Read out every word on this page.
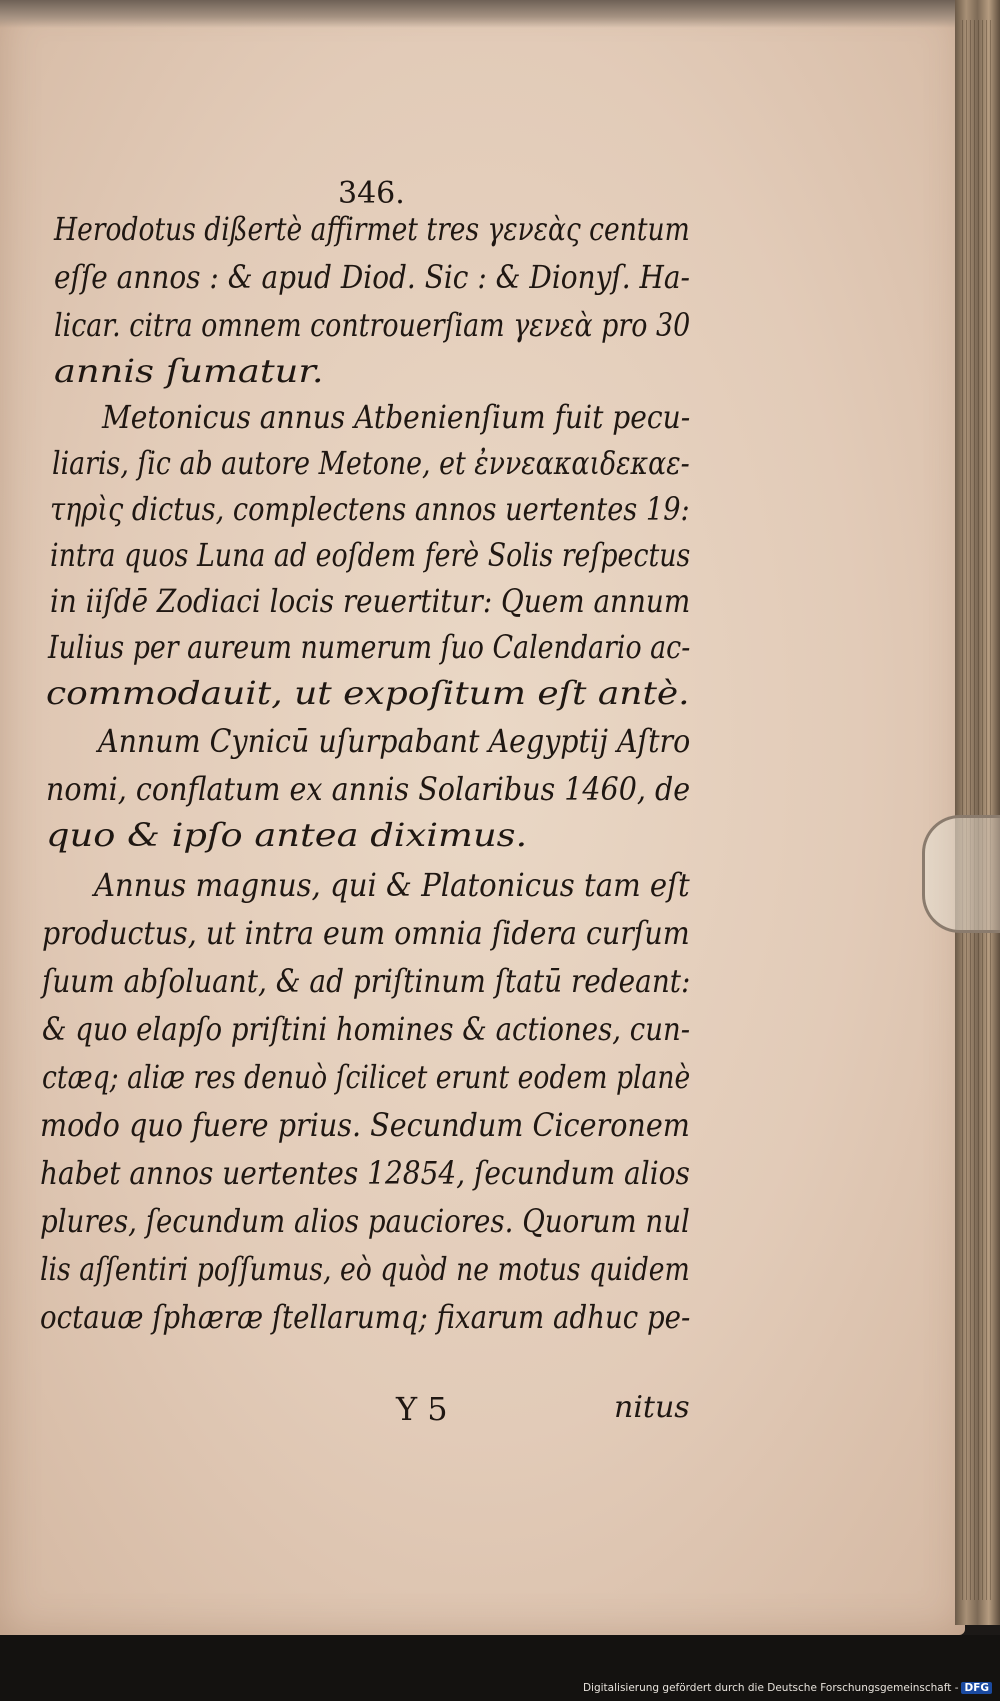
346.
Herodotus dißertè affirmet tres γενεὰς centum
eſſe annos : & apud Diod. Sic : & Dionyſ. Ha-
licar. citra omnem controuerſiam γενεὰ pro 30
annis ſumatur.
Metonicus annus Atbenienſium fuit pecu-
liaris, ſic ab autore Metone, et ἐννεακαιδεκαε-
τηρὶς dictus, complectens annos uertentes 19:
intra quos Luna ad eoſdem ferè Solis reſpectus
in iiſdē Zodiaci locis reuertitur: Quem annum
Iulius per aureum numerum ſuo Calendario ac-
commodauit, ut expoſitum eſt antè.
Annum Cynicū uſurpabant Aegyptij Aſtro
nomi, conflatum ex annis Solaribus 1460, de
quo & ipſo antea diximus.
Annus magnus, qui & Platonicus tam eſt
productus, ut intra eum omnia ſidera curſum
ſuum abſoluant, & ad priſtinum ſtatū redeant:
& quo elapſo priſtini homines & actiones, cun-
ctæq; aliæ res denuò ſcilicet erunt eodem planè
modo quo fuere prius. Secundum Ciceronem
habet annos uertentes 12854, ſecundum alios
plures, ſecundum alios pauciores. Quorum nul
lis aſſentiri poſſumus, eò quòd ne motus quidem
octauæ ſphæræ ſtellarumq; fixarum adhuc pe-
Y 5	nitus
Digitalisierung gefördert durch die Deutsche Forschungsgemeinschaft - DFG
